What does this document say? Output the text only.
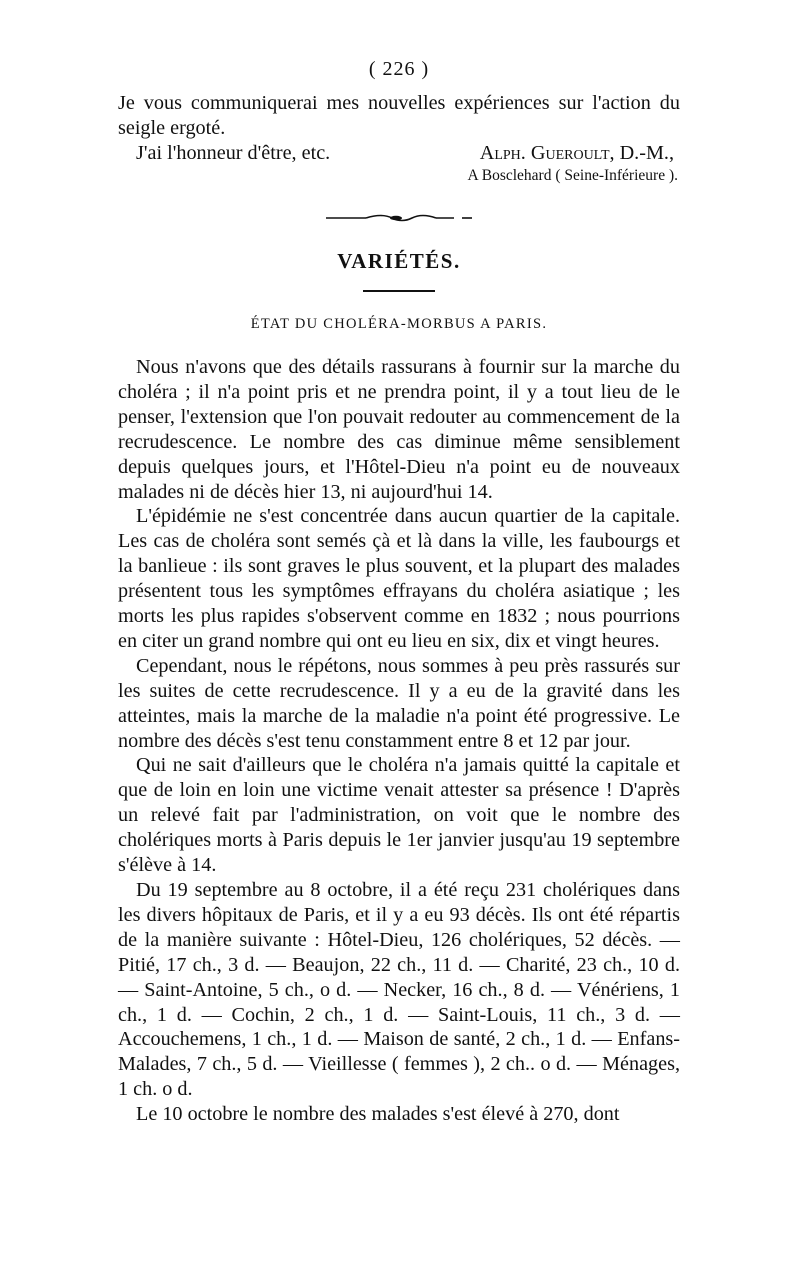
( 226 )
Je vous communiquerai mes nouvelles expériences sur l'action du
seigle ergoté.
J'ai l'honneur d'être, etc.	Alph. Gueroult, D.-M.,
A Bosclehard ( Seine-Inférieure ).
VARIÉTÉS.
ÉTAT DU CHOLÉRA-MORBUS A PARIS.

Nous n'avons que des détails rassurans à fournir sur la marche du choléra ; il n'a point pris et ne prendra point, il y a tout lieu de le penser, l'extension que l'on pouvait redouter au commencement de la recrudescence. Le nombre des cas diminue même sensiblement depuis quelques jours, et l'Hôtel-Dieu n'a point eu de nouveaux malades ni de décès hier 13, ni aujourd'hui 14.

L'épidémie ne s'est concentrée dans aucun quartier de la capitale. Les cas de choléra sont semés çà et là dans la ville, les faubourgs et la banlieue : ils sont graves le plus souvent, et la plupart des malades présentent tous les symptômes effrayans du choléra asiatique ; les morts les plus rapides s'observent comme en 1832 ; nous pourrions en citer un grand nombre qui ont eu lieu en six, dix et vingt heures.

Cependant, nous le répétons, nous sommes à peu près rassurés sur les suites de cette recrudescence. Il y a eu de la gravité dans les atteintes, mais la marche de la maladie n'a point été progressive. Le nombre des décès s'est tenu constamment entre 8 et 12 par jour.

Qui ne sait d'ailleurs que le choléra n'a jamais quitté la capitale et que de loin en loin une victime venait attester sa présence ! D'après un relevé fait par l'administration, on voit que le nombre des cholériques morts à Paris depuis le 1er janvier jusqu'au 19 septembre s'élève à 14.

Du 19 septembre au 8 octobre, il a été reçu 231 cholériques dans les divers hôpitaux de Paris, et il y a eu 93 décès. Ils ont été répartis de la manière suivante : Hôtel-Dieu, 126 cholériques, 52 décès. — Pitié, 17 ch., 3 d. — Beaujon, 22 ch., 11 d. — Charité, 23 ch., 10 d. — Saint-Antoine, 5 ch., o d. — Necker, 16 ch., 8 d. — Vénériens, 1 ch., 1 d. — Cochin, 2 ch., 1 d. — Saint-Louis, 11 ch., 3 d. — Accouchemens, 1 ch., 1 d. — Maison de santé, 2 ch., 1 d. — Enfans-Malades, 7 ch., 5 d. — Vieillesse ( femmes ), 2 ch.. o d. — Ménages, 1 ch. o d.

Le 10 octobre le nombre des malades s'est élevé à 270, dont
